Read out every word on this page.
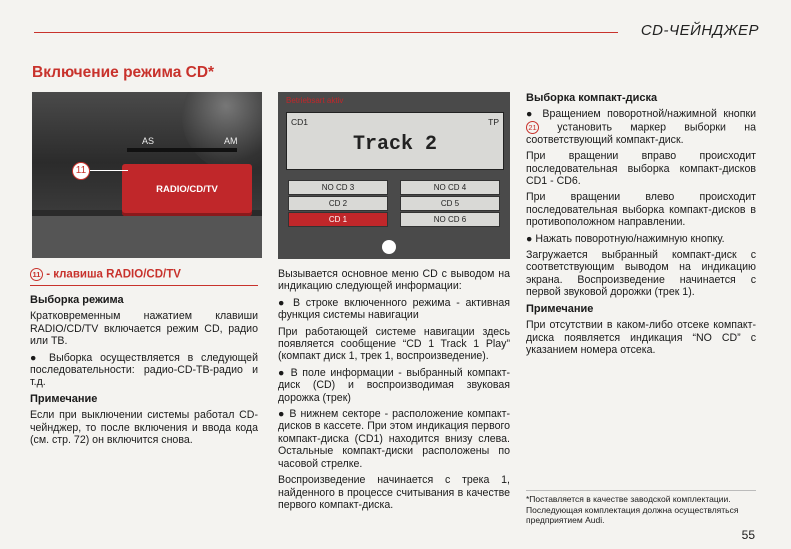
CD-ЧЕЙНДЖЕР
Включение режима CD*
AS	AM
RADIO/CD/TV
11
Betriebsart aktiv
CD1	TP
Track 2
NO CD 3	NO CD 4
CD 2	CD 5
CD 1	NO CD 6
11 - клавиша RADIO/CD/TV
Выборка режима

Кратковременным нажатием клавиши RADIO/CD/TV включается режим CD, радио или ТВ.

● Выборка осуществляется в следующей последовательности: радио-CD-ТВ-радио и т.д.

Примечание

Если при выключении системы работал CD-чейнджер, то после включения и ввода кода (см. стр. 72) он включится снова.

Вызывается основное меню CD с выводом на индикацию следующей информации:

● В строке включенного режима - активная функция системы навигации

При работающей системе навигации здесь появляется сообщение “CD 1 Track 1 Play” (компакт диск 1, трек 1, воспроизведение).

● В поле информации - выбранный компакт-диск (CD) и воспроизводимая звуковая дорожка (трек)

● В нижнем секторе - расположение компакт-дисков в кассете. При этом индикация первого компакт-диска (CD1) находится внизу слева. Остальные компакт-диски расположены по часовой стрелке.

Воспроизведение начинается с трека 1, найденного в процессе считывания в качестве первого компакт-диска.

Выборка компакт-диска

● Вращением поворотной/нажимной кнопки 21 установить маркер выборки на соответствующий компакт-диск.

При вращении вправо происходит последовательная выборка компакт-дисков CD1 - CD6.

При вращении влево происходит последовательная выборка компакт-дисков в противоположном направлении.

● Нажать поворотную/нажимную кнопку.

Загружается выбранный компакт-диск с соответствующим выводом на индикацию экрана. Воспроизведение начинается с первой звуковой дорожки (трек 1).

Примечание

При отсутствии в каком-либо отсеке компакт-диска появляется индикация “NO CD” с указанием номера отсека.

*Поставляется в качестве заводской комплектации. Последующая комплектация должна осуществляться предприятием Audi.
55
